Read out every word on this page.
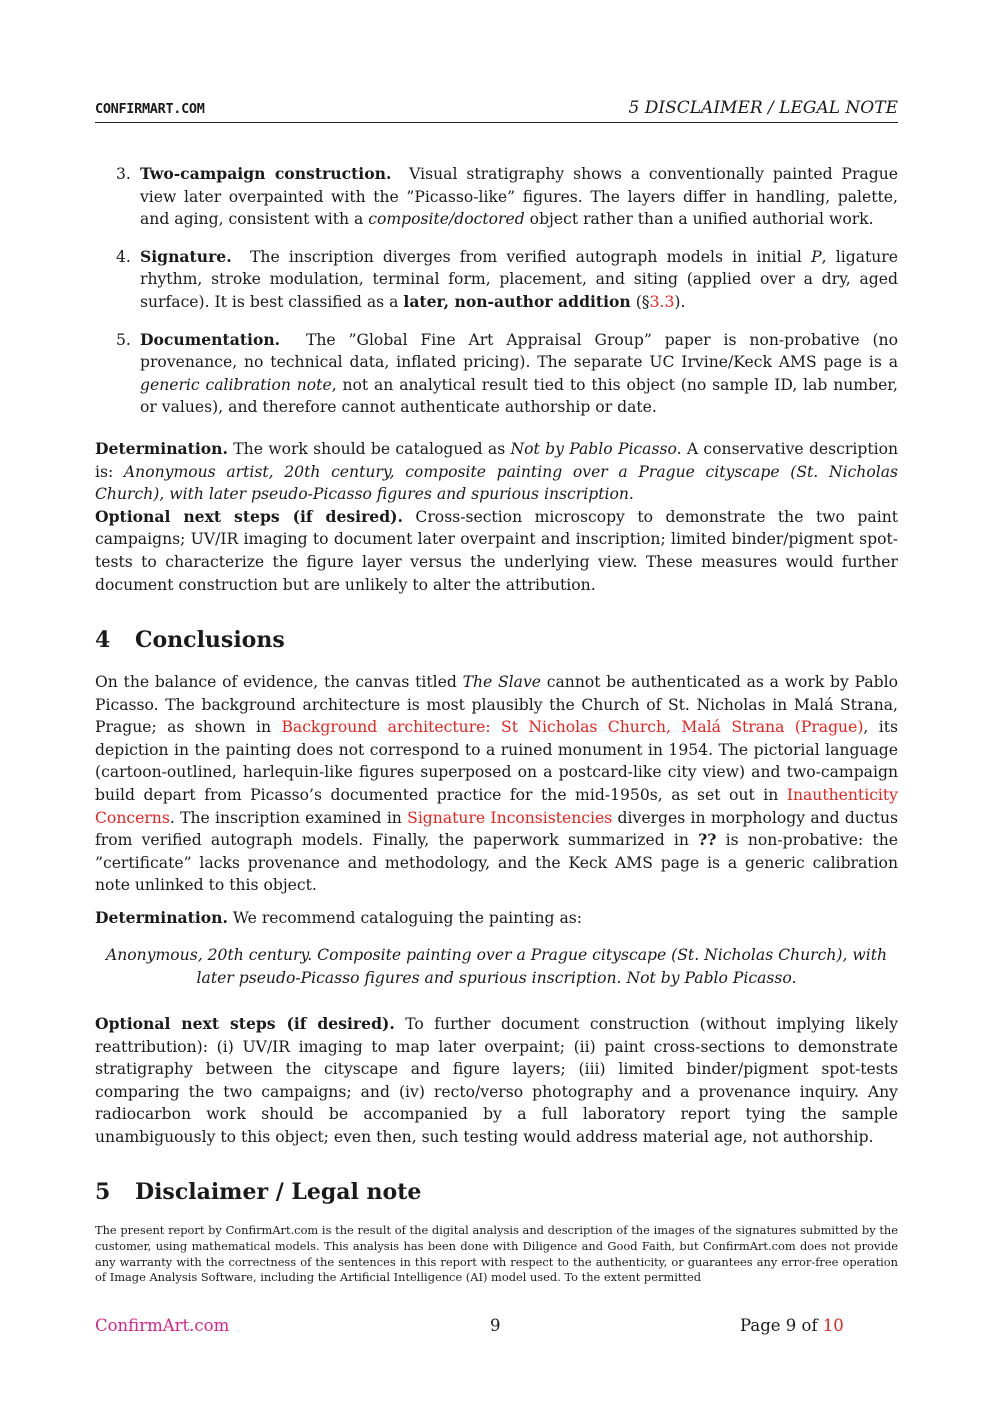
CONFIRMART.COM	5 DISCLAIMER / LEGAL NOTE
3. Two-campaign construction. Visual stratigraphy shows a conventionally painted Prague view later overpainted with the ”Picasso-like” figures. The layers differ in handling, palette, and aging, consistent with a composite/doctored object rather than a unified authorial work.
4. Signature. The inscription diverges from verified autograph models in initial P, ligature rhythm, stroke modulation, terminal form, placement, and siting (applied over a dry, aged surface). It is best classified as a later, non-author addition (§3.3).
5. Documentation. The ”Global Fine Art Appraisal Group” paper is non-probative (no provenance, no technical data, inflated pricing). The separate UC Irvine/Keck AMS page is a generic calibration note, not an analytical result tied to this object (no sample ID, lab number, or values), and therefore cannot authenticate authorship or date.
Determination. The work should be catalogued as Not by Pablo Picasso. A conservative description is: Anonymous artist, 20th century, composite painting over a Prague cityscape (St. Nicholas Church), with later pseudo-Picasso figures and spurious inscription.
Optional next steps (if desired). Cross-section microscopy to demonstrate the two paint campaigns; UV/IR imaging to document later overpaint and inscription; limited binder/pigment spot-tests to characterize the figure layer versus the underlying view. These measures would further document construction but are unlikely to alter the attribution.
4 Conclusions
On the balance of evidence, the canvas titled The Slave cannot be authenticated as a work by Pablo Picasso. The background architecture is most plausibly the Church of St. Nicholas in Malá Strana, Prague; as shown in Background architecture: St Nicholas Church, Malá Strana (Prague), its depiction in the painting does not correspond to a ruined monument in 1954. The pictorial language (cartoon-outlined, harlequin-like figures superposed on a postcard-like city view) and two-campaign build depart from Picasso’s documented practice for the mid-1950s, as set out in Inauthenticity Concerns. The inscription examined in Signature Inconsistencies diverges in morphology and ductus from verified autograph models. Finally, the paperwork summarized in ?? is non-probative: the ”certificate” lacks provenance and methodology, and the Keck AMS page is a generic calibration note unlinked to this object.
Determination. We recommend cataloguing the painting as:
Anonymous, 20th century. Composite painting over a Prague cityscape (St. Nicholas Church), with later pseudo-Picasso figures and spurious inscription. Not by Pablo Picasso.
Optional next steps (if desired). To further document construction (without implying likely reattribution): (i) UV/IR imaging to map later overpaint; (ii) paint cross-sections to demonstrate stratigraphy between the cityscape and figure layers; (iii) limited binder/pigment spot-tests comparing the two campaigns; and (iv) recto/verso photography and a provenance inquiry. Any radiocarbon work should be accompanied by a full laboratory report tying the sample unambiguously to this object; even then, such testing would address material age, not authorship.
5 Disclaimer / Legal note
The present report by ConfirmArt.com is the result of the digital analysis and description of the images of the signatures submitted by the customer, using mathematical models. This analysis has been done with Diligence and Good Faith, but ConfirmArt.com does not provide any warranty with the correctness of the sentences in this report with respect to the authenticity, or guarantees any error-free operation of Image Analysis Software, including the Artificial Intelligence (AI) model used. To the extent permitted
ConfirmArt.com	9	Page 9 of 10
